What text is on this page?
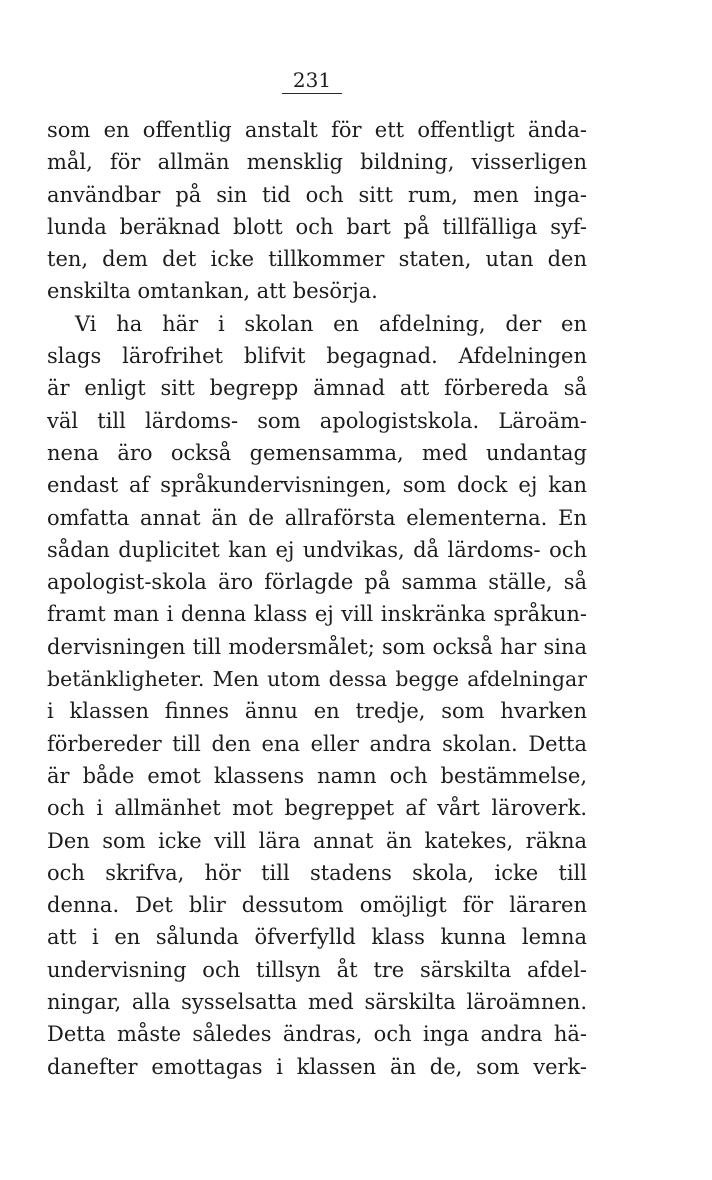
231
som en offentlig anstalt för ett offentligt ända-
mål, för allmän mensklig bildning, visserligen
användbar på sin tid och sitt rum, men inga-
lunda beräknad blott och bart på tillfälliga syf-
ten, dem det icke tillkommer staten, utan den
enskilta omtankan, att besörja.
Vi ha här i skolan en afdelning, der en
slags lärofrihet blifvit begagnad. Afdelningen
är enligt sitt begrepp ämnad att förbereda så
väl till lärdoms- som apologistskola. Läroäm-
nena äro också gemensamma, med undantag
endast af språkundervisningen, som dock ej kan
omfatta annat än de allraförsta elementerna. En
sådan duplicitet kan ej undvikas, då lärdoms- och
apologist-skola äro förlagde på samma ställe, så
framt man i denna klass ej vill inskränka språkun-
dervisningen till modersmålet; som också har sina
betänkligheter. Men utom dessa begge afdelningar
i klassen finnes ännu en tredje, som hvarken
förbereder till den ena eller andra skolan. Detta
är både emot klassens namn och bestämmelse,
och i allmänhet mot begreppet af vårt läroverk.
Den som icke vill lära annat än katekes, räkna
och skrifva, hör till stadens skola, icke till
denna. Det blir dessutom omöjligt för läraren
att i en sålunda öfverfylld klass kunna lemna
undervisning och tillsyn åt tre särskilta afdel-
ningar, alla sysselsatta med särskilta läroämnen.
Detta måste således ändras, och inga andra hä-
danefter emottagas i klassen än de, som verk-
